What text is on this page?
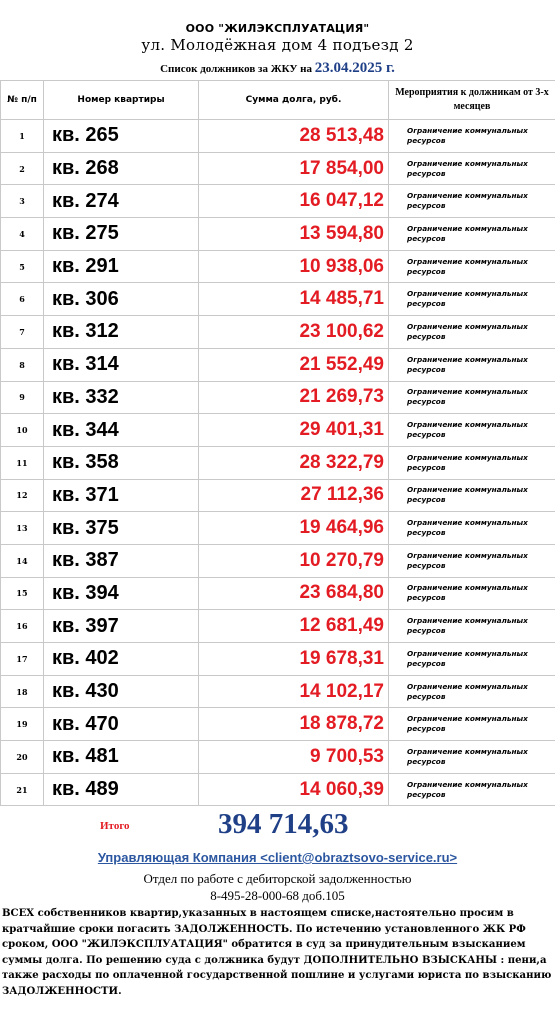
ООО "ЖИЛЭКСПЛУАТАЦИЯ"
ул. Молодёжная дом 4 подъезд 2
Список должников за ЖКУ на 23.04.2025 г.
№ п/п	Номер квартиры	Сумма долга, руб.	Мероприятия к должникам от 3-х месяцев
1	кв. 265	28 513,48	Ограничение коммунальных ресурсов
2	кв. 268	17 854,00	Ограничение коммунальных ресурсов
3	кв. 274	16 047,12	Ограничение коммунальных ресурсов
4	кв. 275	13 594,80	Ограничение коммунальных ресурсов
5	кв. 291	10 938,06	Ограничение коммунальных ресурсов
6	кв. 306	14 485,71	Ограничение коммунальных ресурсов
7	кв. 312	23 100,62	Ограничение коммунальных ресурсов
8	кв. 314	21 552,49	Ограничение коммунальных ресурсов
9	кв. 332	21 269,73	Ограничение коммунальных ресурсов
10	кв. 344	29 401,31	Ограничение коммунальных ресурсов
11	кв. 358	28 322,79	Ограничение коммунальных ресурсов
12	кв. 371	27 112,36	Ограничение коммунальных ресурсов
13	кв. 375	19 464,96	Ограничение коммунальных ресурсов
14	кв. 387	10 270,79	Ограничение коммунальных ресурсов
15	кв. 394	23 684,80	Ограничение коммунальных ресурсов
16	кв. 397	12 681,49	Ограничение коммунальных ресурсов
17	кв. 402	19 678,31	Ограничение коммунальных ресурсов
18	кв. 430	14 102,17	Ограничение коммунальных ресурсов
19	кв. 470	18 878,72	Ограничение коммунальных ресурсов
20	кв. 481	9 700,53	Ограничение коммунальных ресурсов
21	кв. 489	14 060,39	Ограничение коммунальных ресурсов
Итого	394 714,63
Управляющая Компания <client@obraztsovo-service.ru>
Отдел по работе с дебиторской задолженностью
8-495-28-000-68 доб.105
ВСЕХ собственников квартир,указанных в настоящем списке,настоятельно просим в кратчайшие сроки погасить ЗАДОЛЖЕННОСТЬ. По истечению установленного ЖК РФ сроком, ООО "ЖИЛЭКСПЛУАТАЦИЯ" обратится в суд за принудительным взысканием суммы долга. По решению суда с должника будут ДОПОЛНИТЕЛЬНО ВЗЫСКАНЫ : пени,а также расходы по оплаченной государственной пошлине и услугами юриста по взысканию ЗАДОЛЖЕННОСТИ.
